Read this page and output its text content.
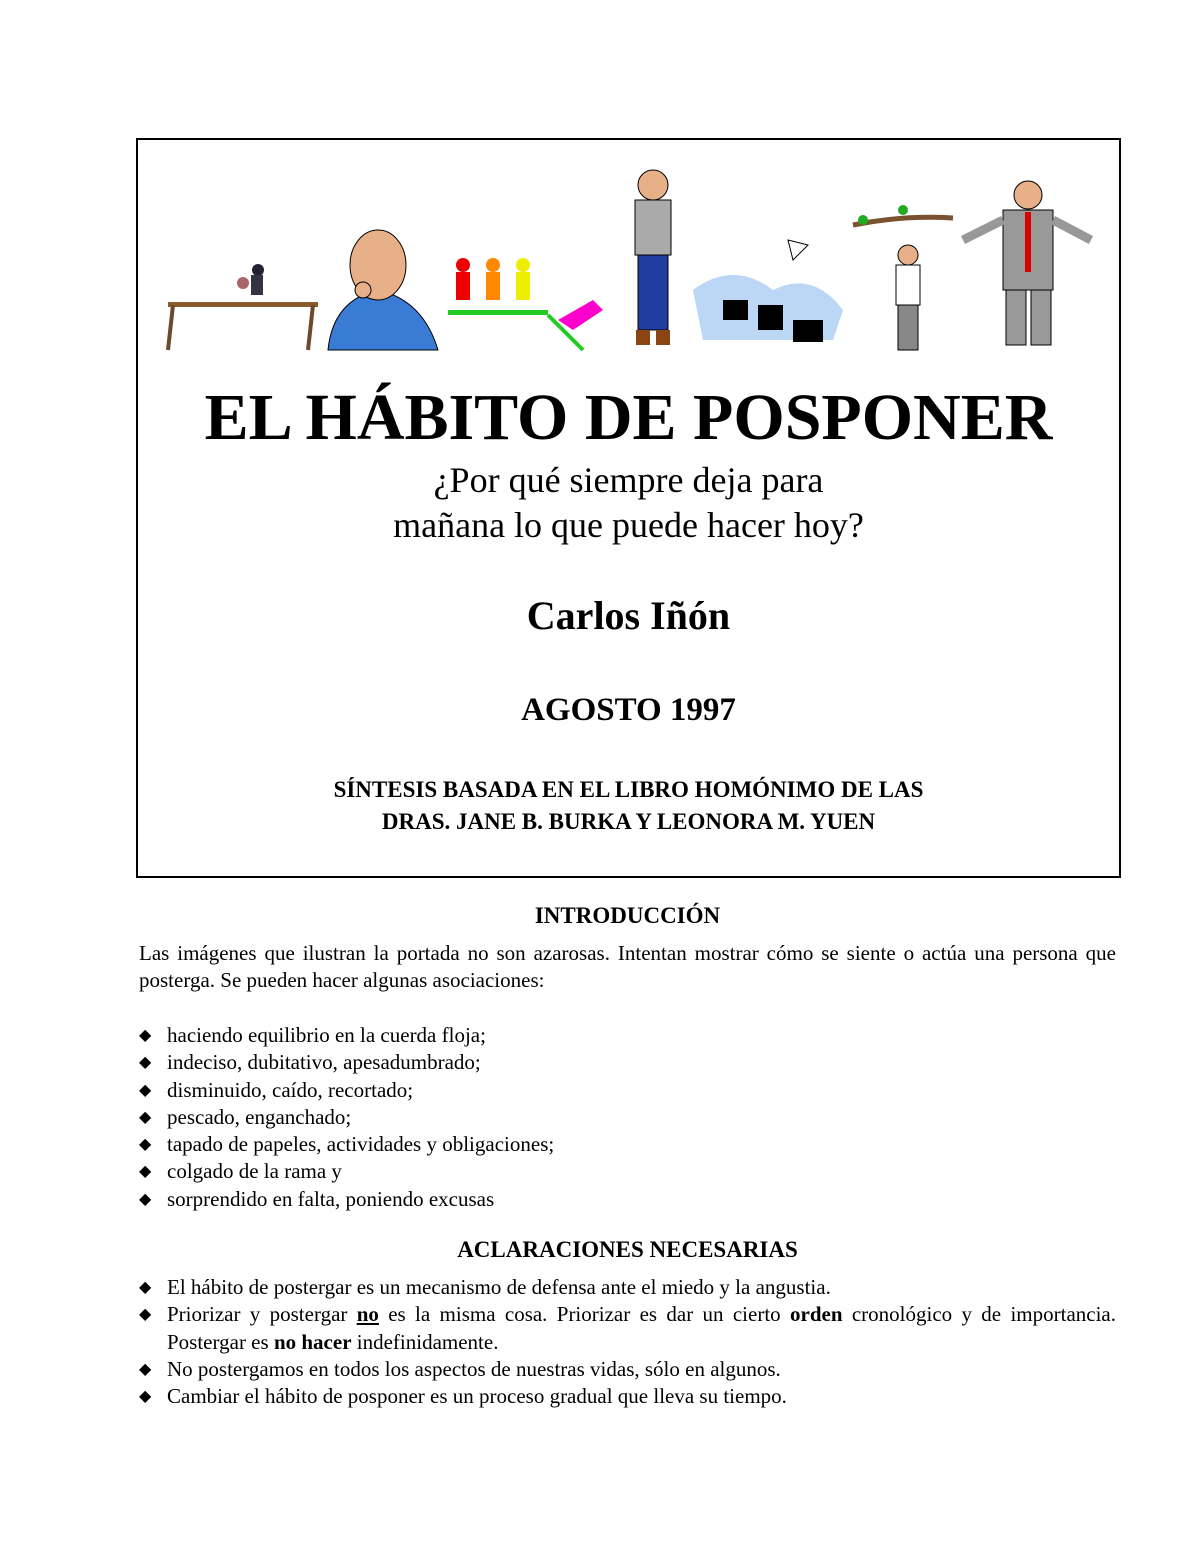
EL HÁBITO DE POSPONER
¿Por qué siempre deja para
mañana lo que puede hacer hoy?
Carlos Iñón
AGOSTO 1997
SÍNTESIS BASADA EN EL LIBRO HOMÓNIMO DE LAS
DRAS. JANE B. BURKA Y LEONORA M. YUEN
INTRODUCCIÓN
Las imágenes que ilustran la portada no son azarosas. Intentan mostrar cómo se siente o actúa una persona que posterga. Se pueden hacer algunas asociaciones:
◆ haciendo equilibrio en la cuerda floja;
◆ indeciso, dubitativo, apesadumbrado;
◆ disminuido, caído, recortado;
◆ pescado, enganchado;
◆ tapado de papeles, actividades y obligaciones;
◆ colgado de la rama y
◆ sorprendido en falta, poniendo excusas
ACLARACIONES NECESARIAS
◆ El hábito de postergar es un mecanismo de defensa ante el miedo y la angustia.
◆ Priorizar y postergar no es la misma cosa. Priorizar es dar un cierto orden cronológico y de importancia. Postergar es no hacer indefinidamente.
◆ No postergamos en todos los aspectos de nuestras vidas, sólo en algunos.
◆ Cambiar el hábito de posponer es un proceso gradual que lleva su tiempo.
